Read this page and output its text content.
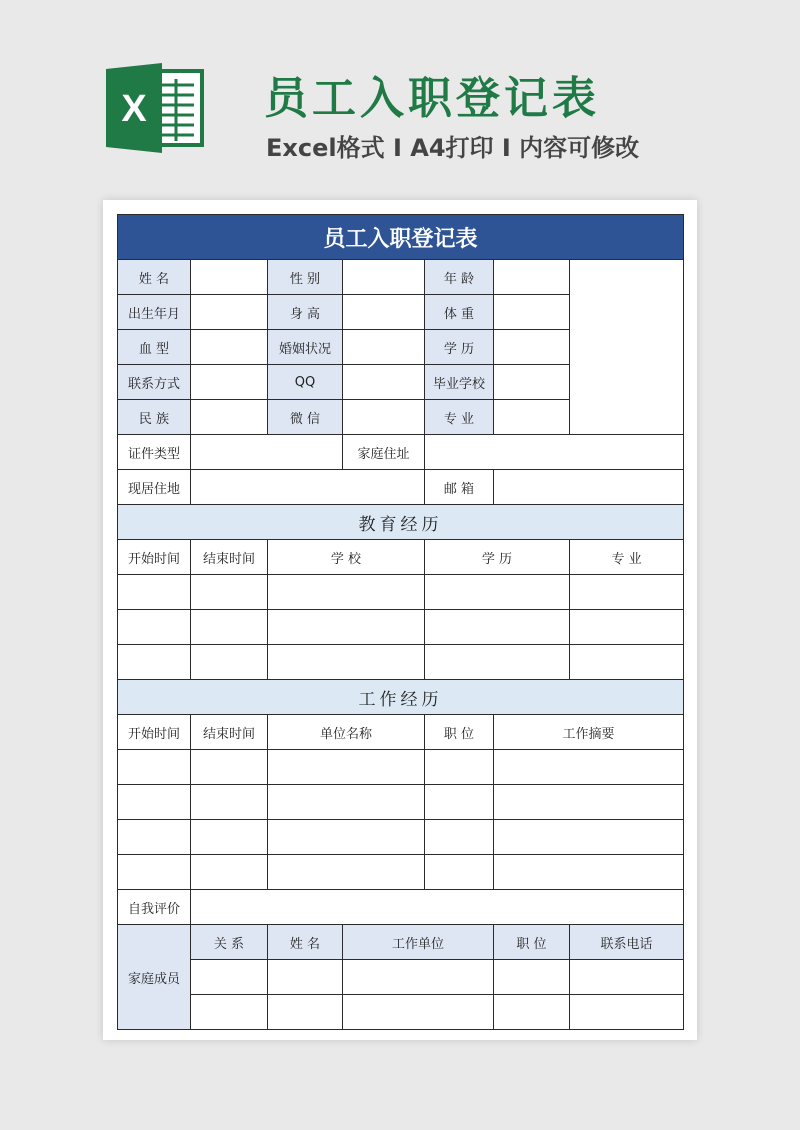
X	员工入职登记表
Excel格式 I A4打印 I 内容可修改
员工入职登记表						
姓 名		性 别		年 龄		
出生年月		身 高		体 重		
血 型		婚姻状况		学 历		
联系方式		QQ		毕业学校		
民 族		微 信		专 业		
证件类型			家庭住址			
现居住地				邮 箱		
教育经历						
开始时间	结束时间	学 校		学 历		专 业

工作经历						
开始时间	结束时间	单位名称		职 位	工作摘要	

自我评价						
家庭成员	关 系	姓 名	工作单位		职 位	联系电话
